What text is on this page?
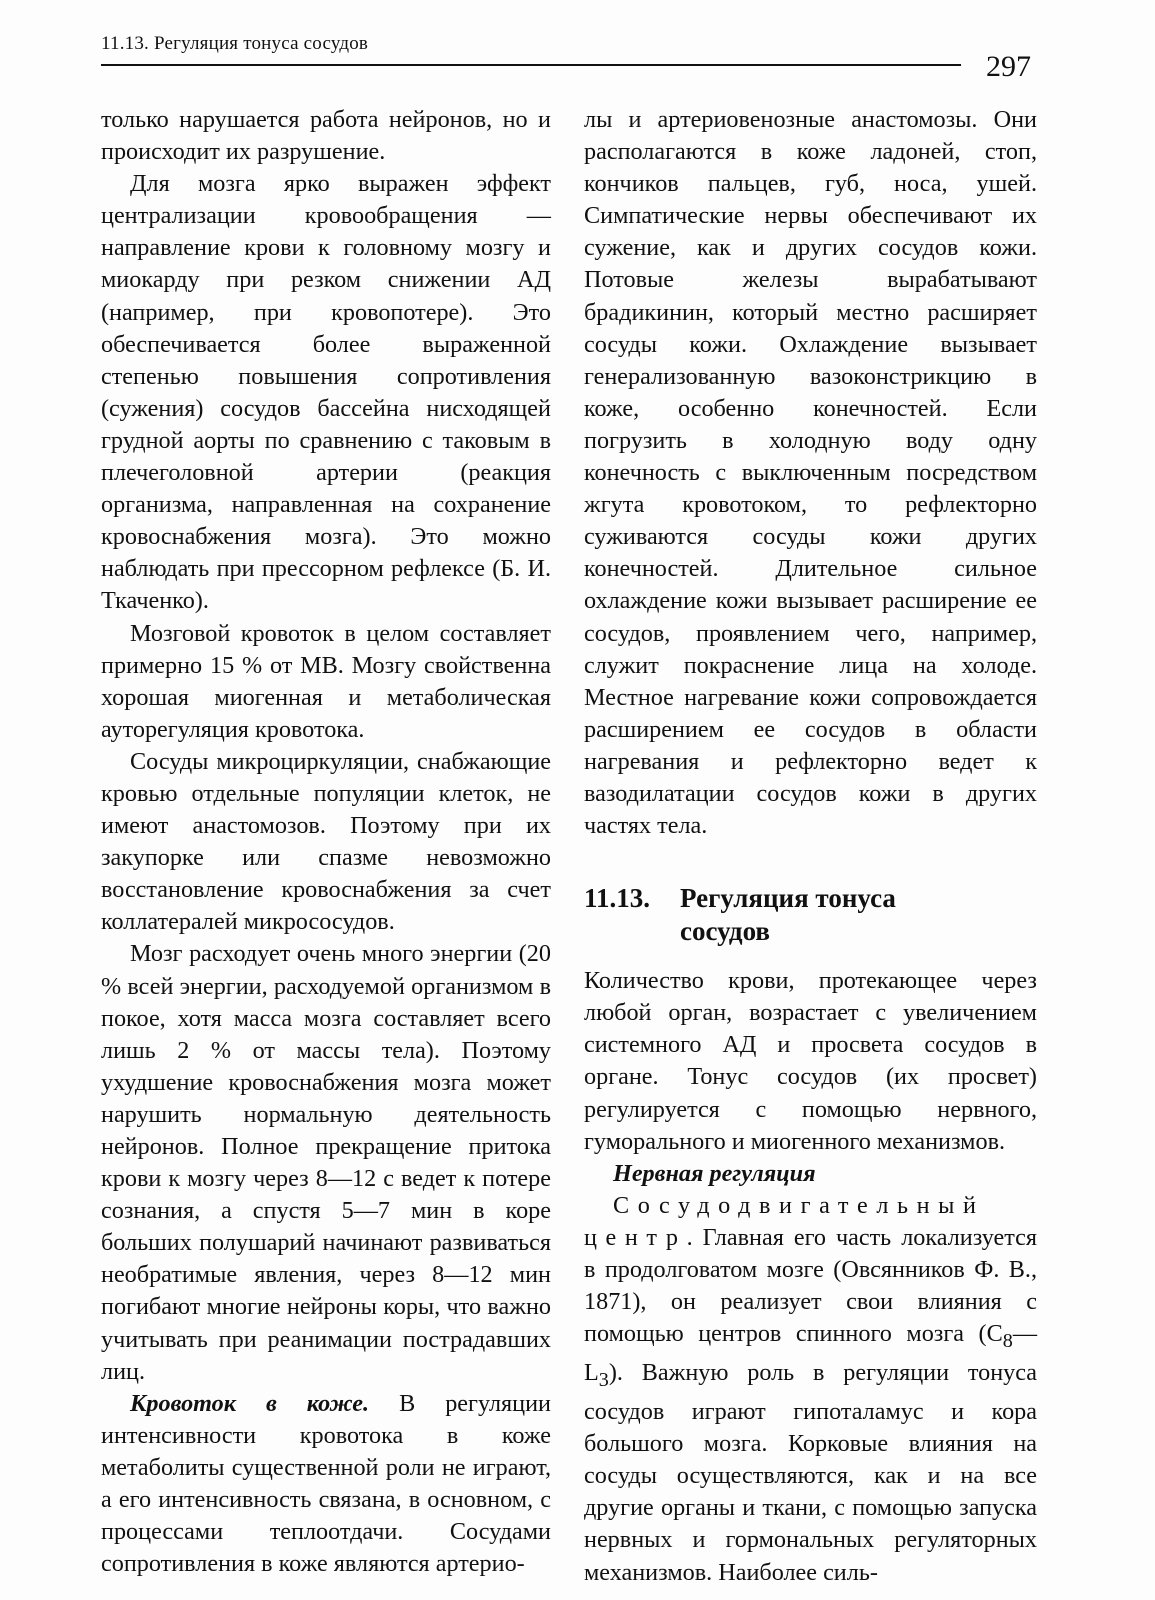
11.13. Регуляция тонуса сосудов
297

только нарушается работа нейронов, но и происходит их разрушение.

Для мозга ярко выражен эффект централизации кровообращения — направление крови к головному мозгу и миокарду при резком снижении АД (например, при кровопотере). Это обеспечивается более выраженной степенью повышения сопротивления (сужения) сосудов бассейна нисходящей грудной аорты по сравнению с таковым в плечеголовной артерии (реакция организма, направленная на сохранение кровоснабжения мозга). Это можно наблюдать при прессорном рефлексе (Б. И. Ткаченко).

Мозговой кровоток в целом составляет примерно 15 % от МВ. Мозгу свойственна хорошая миогенная и метаболическая ауторегуляция кровотока.

Сосуды микроциркуляции, снабжающие кровью отдельные популяции клеток, не имеют анастомозов. Поэтому при их закупорке или спазме невозможно восстановление кровоснабжения за счет коллатералей микрососудов.

Мозг расходует очень много энергии (20 % всей энергии, расходуемой организмом в покое, хотя масса мозга составляет всего лишь 2 % от массы тела). Поэтому ухудшение кровоснабжения мозга может нарушить нормальную деятельность нейронов. Полное прекращение притока крови к мозгу через 8—12 с ведет к потере сознания, а спустя 5—7 мин в коре больших полушарий начинают развиваться необратимые явления, через 8—12 мин погибают многие нейроны коры, что важно учитывать при реанимации пострадавших лиц.

Кровоток в коже. В регуляции интенсивности кровотока в коже метаболиты существенной роли не играют, а его интенсивность связана, в основном, с процессами теплоотдачи. Сосудами сопротивления в коже являются артерио-

лы и артериовенозные анастомозы. Они располагаются в коже ладоней, стоп, кончиков пальцев, губ, носа, ушей. Симпатические нервы обеспечивают их сужение, как и других сосудов кожи. Потовые железы вырабатывают брадикинин, который местно расширяет сосуды кожи. Охлаждение вызывает генерализованную вазоконстрикцию в коже, особенно конечностей. Если погрузить в холодную воду одну конечность с выключенным посредством жгута кровотоком, то рефлекторно суживаются сосуды кожи других конечностей. Длительное сильное охлаждение кожи вызывает расширение ее сосудов, проявлением чего, например, служит покраснение лица на холоде. Местное нагревание кожи сопровождается расширением ее сосудов в области нагревания и рефлекторно ведет к вазодилатации сосудов кожи в других частях тела.

11.13. Регуляция тонуса
сосудов

Количество крови, протекающее через любой орган, возрастает с увеличением системного АД и просвета сосудов в органе. Тонус сосудов (их просвет) регулируется с помощью нервного, гуморального и миогенного механизмов.

Нервная регуляция

Сосудодвигательный центр. Главная его часть локализуется в продолговатом мозге (Овсянников Ф. В., 1871), он реализует свои влияния с помощью центров спинного мозга $(C_8—L_3)$. Важную роль в регуляции тонуса сосудов играют гипоталамус и кора большого мозга. Корковые влияния на сосуды осуществляются, как и на все другие органы и ткани, с помощью запуска нервных и гормональных регуляторных механизмов. Наиболее силь-
